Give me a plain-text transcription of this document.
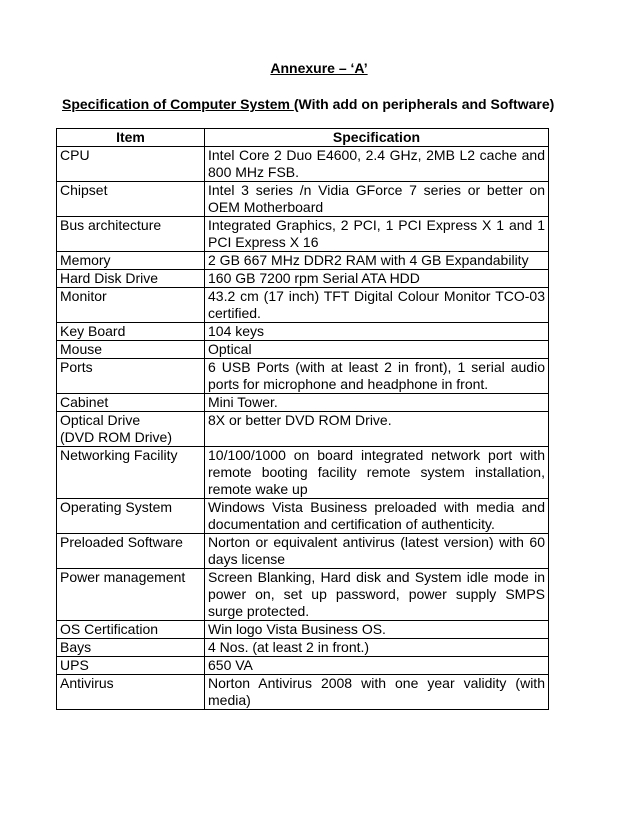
Annexure – ‘A’
Specification of Computer System (With add on peripherals and Software)
Item	Specification
CPU	Intel Core 2 Duo E4600, 2.4 GHz, 2MB L2 cache and 800 MHz FSB.
Chipset	Intel 3 series /n Vidia GForce 7 series or better on OEM Motherboard
Bus architecture	Integrated Graphics, 2 PCI, 1 PCI Express X 1 and 1 PCI Express X 16
Memory	2 GB 667 MHz DDR2 RAM with 4 GB Expandability
Hard Disk Drive	160 GB 7200 rpm Serial ATA HDD
Monitor	43.2 cm (17 inch) TFT Digital Colour Monitor TCO-03 certified.
Key Board	104 keys
Mouse	Optical
Ports	6 USB Ports (with at least 2 in front), 1 serial audio ports for microphone and headphone in front.
Cabinet	Mini Tower.
Optical Drive
(DVD ROM Drive)	8X or better DVD ROM Drive.
Networking Facility	10/100/1000 on board integrated network port with remote booting facility remote system installation, remote wake up
Operating System	Windows Vista Business preloaded with media and documentation and certification of authenticity.
Preloaded Software	Norton or equivalent antivirus (latest version) with 60 days license
Power management	Screen Blanking, Hard disk and System idle mode in power on, set up password, power supply SMPS surge protected.
OS Certification	Win logo Vista Business OS.
Bays	4 Nos. (at least 2 in front.)
UPS	650 VA
Antivirus	Norton Antivirus 2008 with one year validity (with media)
